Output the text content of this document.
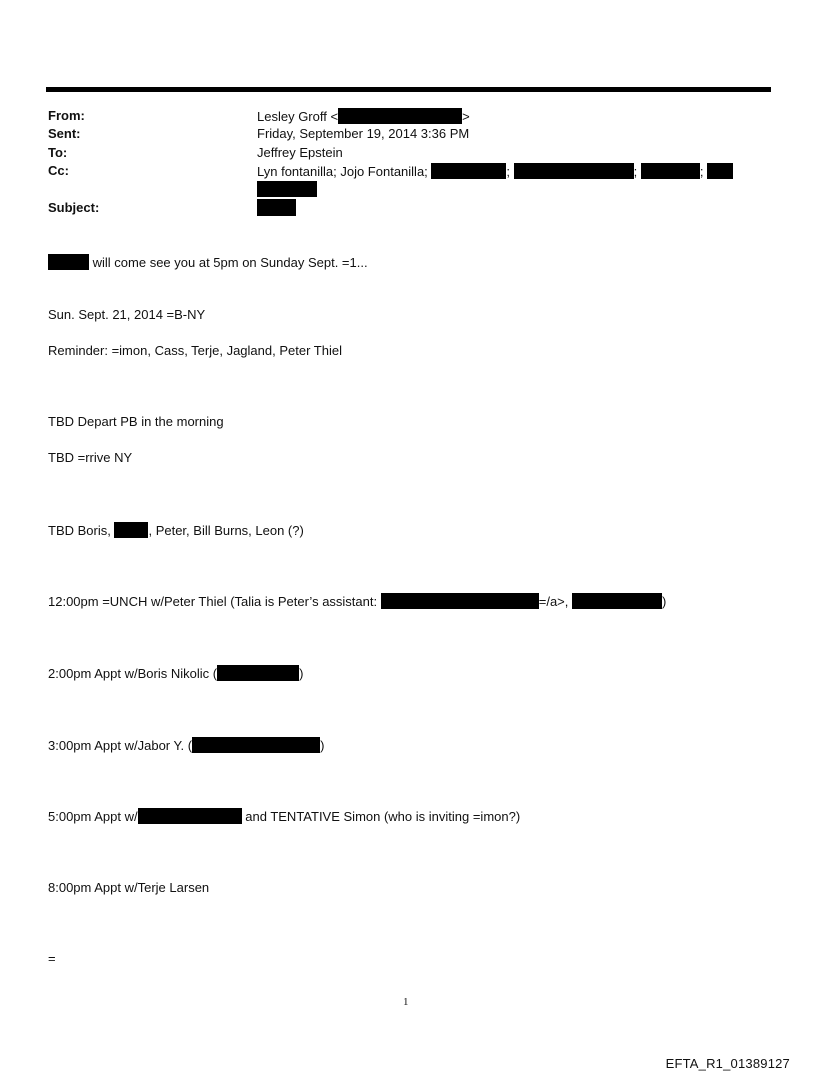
From:	Lesley Groff <	>
Sent:	Friday, September 19, 2014 3:36 PM
To:	Jeffrey Epstein
Cc:	Lyn fontanilla; Jojo Fontanilla;	;	;	;
Subject:
will come see you at 5pm on Sunday Sept. =1...
Sun. Sept. 21, 2014 =B-NY
Reminder: =imon, Cass, Terje, Jagland, Peter Thiel
TBD Depart PB in the morning
TBD =rrive NY
TBD Boris,	, Peter, Bill Burns, Leon (?)
12:00pm =UNCH w/Peter Thiel (Talia is Peter’s assistant:	=/a>,	)
2:00pm Appt w/Boris Nikolic (	)
3:00pm Appt w/Jabor Y. (	)
5:00pm Appt w/	and TENTATIVE Simon (who is inviting =imon?)
8:00pm Appt w/Terje Larsen
=
1
EFTA_R1_01389127
